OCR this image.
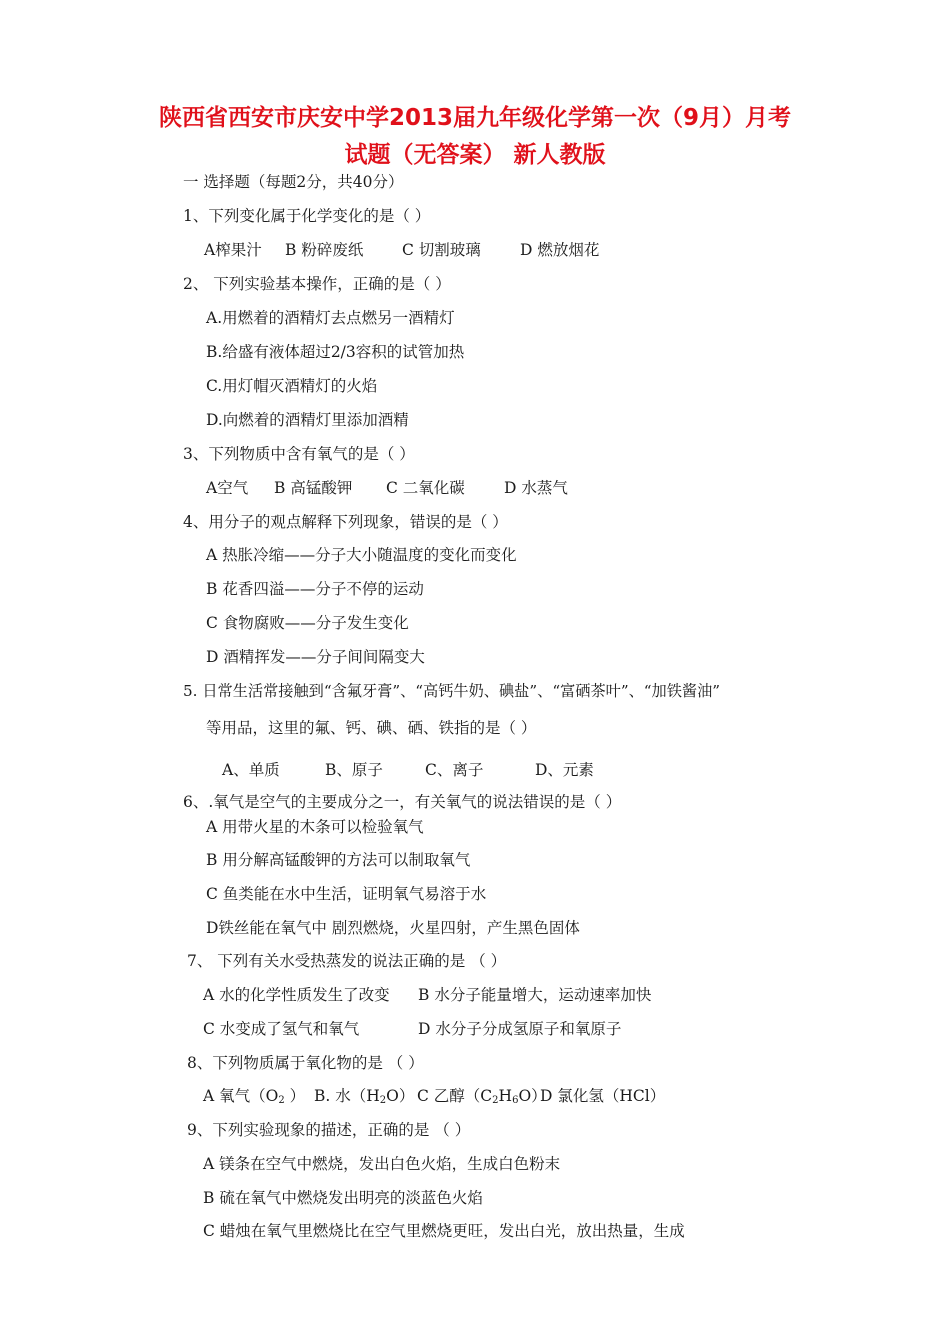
陕西省西安市庆安中学2013届九年级化学第一次（9月）月考
试题（无答案） 新人教版
一 选择题（每题2分，共40分）
1、下列变化属于化学变化的是（ ）
A榨果汁 B 粉碎废纸 C 切割玻璃	D 燃放烟花
2、 下列实验基本操作，正确的是（ ）
A.用燃着的酒精灯去点燃另一酒精灯
B.给盛有液体超过2/3容积的试管加热
C.用灯帽灭酒精灯的火焰
D.向燃着的酒精灯里添加酒精
3、下列物质中含有氧气的是（ ）
A空气 B 高锰酸钾 C 二氧化碳	D 水蒸气
4、用分子的观点解释下列现象，错误的是（ ）
A 热胀冷缩——分子大小随温度的变化而变化
B 花香四溢——分子不停的运动
C 食物腐败——分子发生变化
D 酒精挥发——分子间间隔变大
5. 日常生活常接触到“含氟牙膏”、“高钙牛奶、碘盐”、“富硒茶叶”、“加铁酱油”
等用品，这里的氟、钙、碘、硒、铁指的是（ ）
A、单质	B、原子	C、离子	D、元素
6、.氧气是空气的主要成分之一，有关氧气的说法错误的是（ ）
A 用带火星的木条可以检验氧气
B 用分解高锰酸钾的方法可以制取氧气
C 鱼类能在水中生活，证明氧气易溶于水
D铁丝能在氧气中 剧烈燃烧，火星四射，产生黑色固体
7、 下列有关水受热蒸发的说法正确的是 （ ）
A 水的化学性质发生了改变 B 水分子能量增大，运动速率加快
C 水变成了氢气和氧气	D 水分子分成氢原子和氧原子
8、下列物质属于氧化物的是 （ ）
A 氧气（$O_2$ ） B. 水$(H_2O)$ C 乙醇$(C_2H_6O)$
D 氯化氢（HCl）
9、下列实验现象的描述，正确的是 （ ）
A 镁条在空气中燃烧，发出白色火焰，生成白色粉末
B 硫在氧气中燃烧发出明亮的淡蓝色火焰
C 蜡烛在氧气里燃烧比在空气里燃烧更旺，发出白光，放出热量，生成
